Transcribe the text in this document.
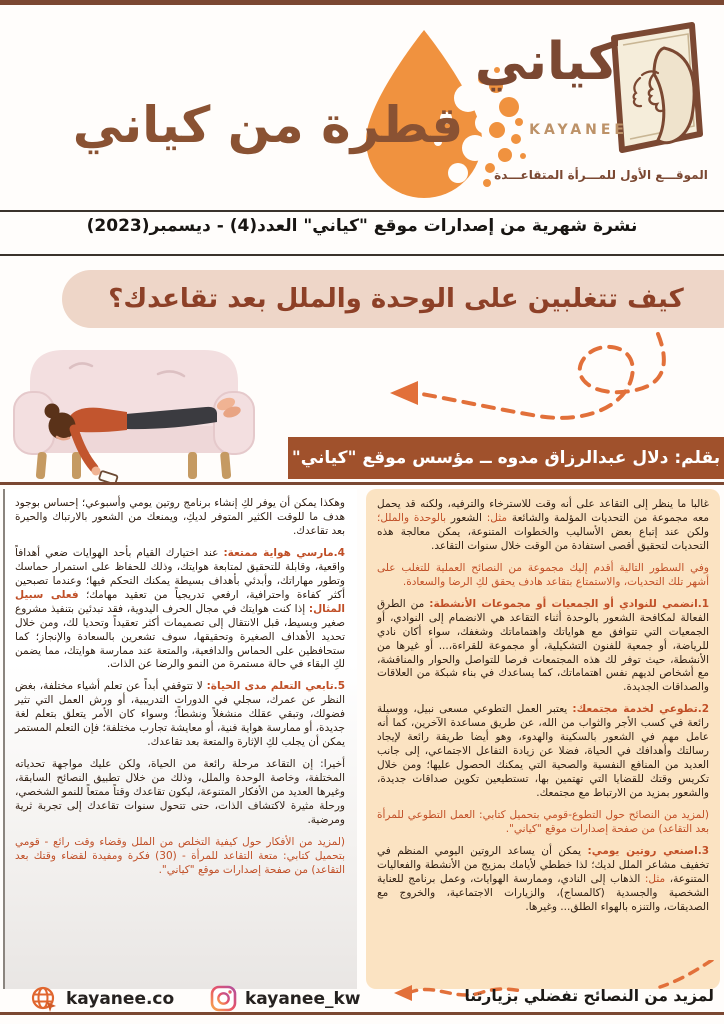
قطرة من كياني
كياني
KAYANEE
الموقـــع الأول للمـــرأة المتقاعـــدة
نشرة شهرية من إصدارات موقع "كياني" العدد(4) - ديسمبر(2023)
كيف تتغلبين على الوحدة والملل بعد تقاعدك؟
بقلم: دلال عبدالرزاق مدوه ــ مؤسس موقع "كياني"

غالبا ما ينظر إلى التقاعد على أنه وقت للاسترخاء والترفيه، ولكنه قد يحمل معه مجموعة من التحديات المؤلمة والشائعة مثل: الشعور بالوحدة والملل؛ ولكن عند إتباع بعض الأساليب والخطوات المتنوعة، يمكن معالجة هذه التحديات لتحقيق أقصى استفادة من الوقت خلال سنوات التقاعد.

وفي السطور التالية أقدم إليك مجموعة من النصائح العملية للتغلب على أشهر تلك التحديات، والاستمتاع بتقاعد هادف يحقق لكِ الرضا والسعادة.

1.انضمي للنوادي أو الجمعيات أو مجموعات الأنشطة: من الطرق الفعالة لمكافحة الشعور بالوحدة أثناء التقاعد هي الانضمام إلى النوادي، أو الجمعيات التي تتوافق مع هواياتك واهتماماتك وشغفك، سواء أكان نادي للرياضة، أو جمعية للفنون التشكيلية، أو مجموعة للقراءة،... أو غيرها من الأنشطة، حيث توفر لك هذه المجتمعات فرصا للتواصل والحوار والمناقشة، مع أشخاص لديهم نفس اهتماماتك، كما يساعدك في بناء شبكة من العلاقات والصداقات الجديدة.

2.تطوعي لخدمة مجتمعك: يعتبر العمل التطوعي مسعى نبيل، ووسيلة رائعة في كسب الأجر والثواب من الله، عن طريق مساعدة الآخرين، كما أنه عامل مهم في الشعور بالسكينة والهدوء، وهو أيضا طريقة رائعة لإيجاد رسالتك وأهدافك في الحياة، فضلا عن زيادة التفاعل الاجتماعي، إلى جانب العديد من المنافع النفسية والصحية التي يمكنك الحصول عليها؛ ومن خلال تكريس وقتك للقضايا التي تهتمين بها، تستطيعين تكوين صداقات جديدة، والشعور بمزيد من الارتباط مع مجتمعك.

(لمزيد من النصائح حول التطوع-قومي بتحميل كتابي: العمل التطوعي للمرأة بعد التقاعد) من صفحة إصدارات موقع "كياني".

3.اصنعي روتين يومي: يمكن أن يساعد الروتين اليومي المنظم في تخفيف مشاعر الملل لديك؛ لذا خططي لأيامك بمزيج من الأنشطة والفعاليات المتنوعة، مثل: الذهاب إلى النادي، وممارسة الهوايات، وعمل برنامج للعناية الشخصية والجسدية (كالمساج)، والزيارات الاجتماعية، والخروج مع الصديقات، والتنزه بالهواء الطلق... وغيرها.

وهكذا يمكن أن يوفر لكِ إنشاء برنامج روتين يومي وأسبوعي؛ إحساس بوجود هدف ما للوقت الكثير المتوفر لديكِ، ويمنعك من الشعور بالارتباك والحيرة بعد تقاعدك.

4.مارسي هواية ممتعة: عند اختيارك القيام بأحد الهوايات ضعي أهدافاً واقعية، وقابلة للتحقيق لمتابعة هوايتك، وذلك للحفاظ على استمرار حماسك وتطور مهاراتك، وأبدئي بأهداف بسيطة يمكنك التحكم فيها؛ وعندما تصبحين أكثر كفاءة واحترافية، ارفعي تدريجياً من تعقيد مهامك؛ فعلى سبيل المثال: إذا كنت هوايتك في مجال الحرف اليدوية، فقد تبدئين بتنفيذ مشروع صغير وبسيط، قبل الانتقال إلى تصميمات أكثر تعقيداً وتحديا لك، ومن خلال تحديد الأهداف الصغيرة وتحقيقها، سوف تشعرين بالسعادة والإنجاز؛ كما ستحافظين على الحماس والدافعية، والمتعة عند ممارسة هوايتك، مما يضمن لكِ البقاء في حالة مستمرة من النمو والرضا عن الذات.

5.تابعي التعلم مدى الحياة: لا تتوقفي أبداً عن تعلم أشياء مختلفة، بغض النظر عن عمرك، سجلي في الدورات التدريبية، أو ورش العمل التي تثير فضولك، وتبقي عقلك منشغلاً ونشطاً؛ وسواء كان الأمر يتعلق بتعلم لغة جديدة، أو ممارسة هواية فنية، أو معايشة تجارب مختلفة؛ فإن التعلم المستمر يمكن أن يجلب لكِ الإثارة والمتعة بعد تقاعدك.

أخيرا: إن التقاعد مرحلة رائعة من الحياة، ولكن عليك مواجهة تحدياته المختلفة، وخاصة الوحدة والملل، وذلك من خلال تطبيق النصائح السابقة، وغيرها العديد من الأفكار المتنوعة، ليكون تقاعدك وقتاً ممتعاً للنمو الشخصي، ورحلة مثيرة لاكتشاف الذات، حتى تتحول سنوات تقاعدك إلى تجربة ثرية ومرضية.

(لمزيد من الأفكار حول كيفية التخلص من الملل وقضاء وقت رائع - قومي بتحميل كتابي: متعة التقاعد للمرأة - (30) فكرة ومفيدة لقضاء وقتك بعد التقاعد) من صفحة إصدارات موقع "كياني".

kayanee.co	kayanee_kw	لمزيد من النصائح تفضلي بزيارتنا
